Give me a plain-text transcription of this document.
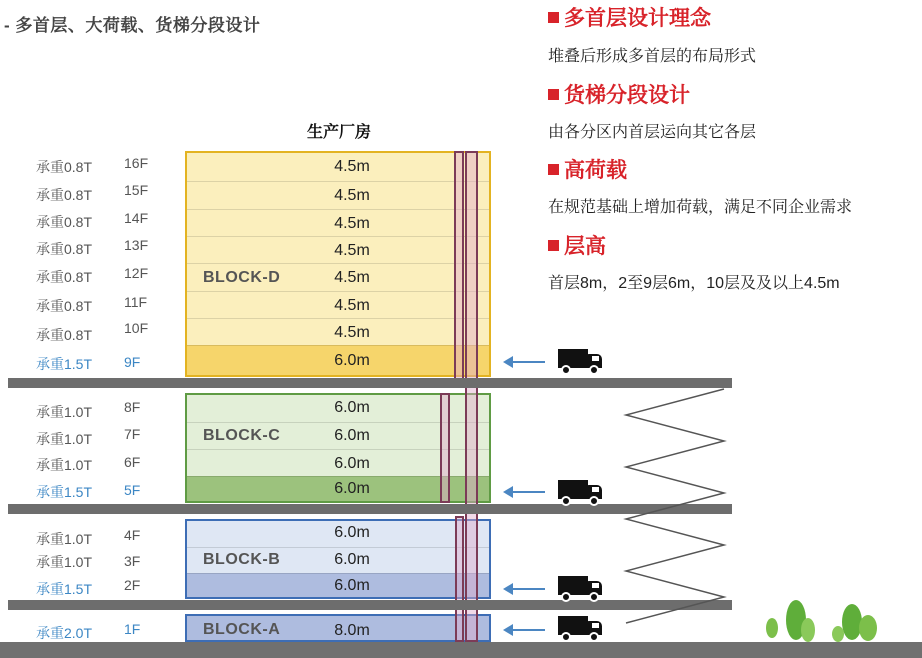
- 多首层、大荷载、货梯分段设计	多首层设计理念
堆叠后形成多首层的布局形式
货梯分段设计
由各分区内首层运向其它各层
高荷载
在规范基础上增加荷载，满足不同企业需求
层高
首层8m，2至9层6m，10层及及以上4.5m
生产厂房
4.5m
4.5m
4.5m
4.5m
4.5m
4.5m
4.5m
6.0m
BLOCK-D
6.0m
6.0m
6.0m
6.0m
BLOCK-C
6.0m
6.0m
6.0m
BLOCK-B
8.0m
BLOCK-A
承重0.8T 16F
承重0.8T 15F
承重0.8T 14F
承重0.8T 13F
承重0.8T 12F
承重0.8T 11F
承重0.8T 10F
承重1.5T 9F
承重1.0T 8F
承重1.0T 7F
承重1.0T 6F
承重1.5T 5F
承重1.0T 4F
承重1.0T 3F
承重1.5T 2F
承重2.0T 1F
